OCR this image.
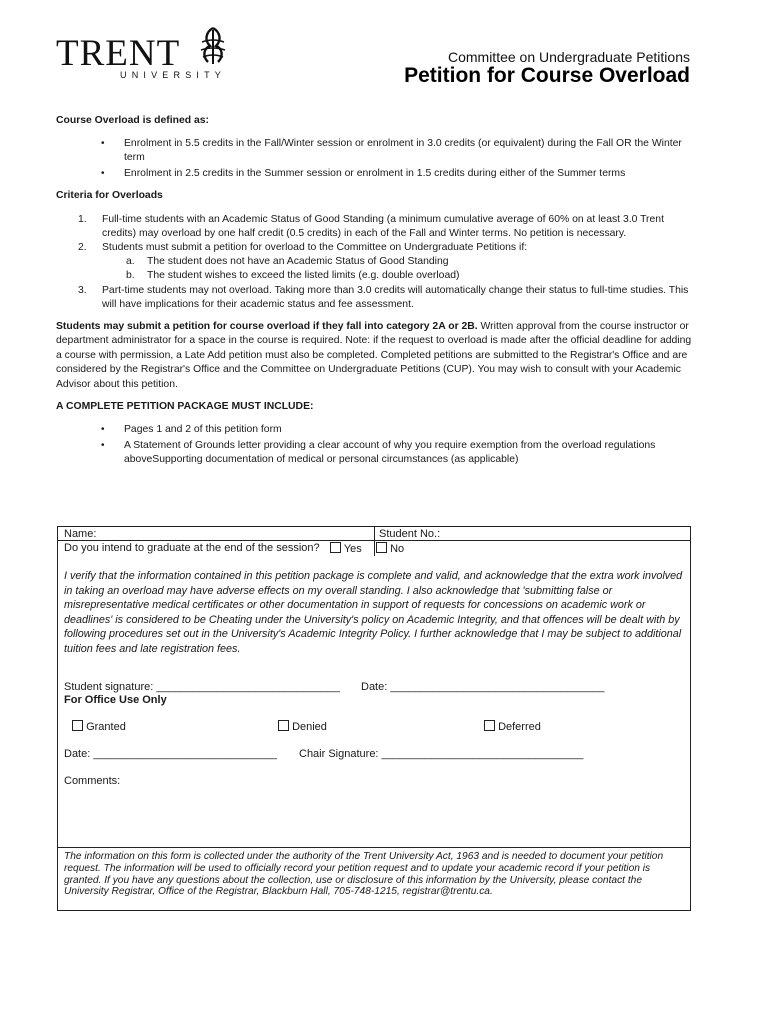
TRENT
UNIVERSITY
Committee on Undergraduate Petitions
Petition for Course Overload
Course Overload is defined as:
• Enrolment in 5.5 credits in the Fall/Winter session or enrolment in 3.0 credits (or equivalent) during the Fall OR the Winter term
• Enrolment in 2.5 credits in the Summer session or enrolment in 1.5 credits during either of the Summer terms
Criteria for Overloads
1. Full-time students with an Academic Status of Good Standing (a minimum cumulative average of 60% on at least 3.0 Trent credits) may overload by one half credit (0.5 credits) in each of the Fall and Winter terms. No petition is necessary.
2. Students must submit a petition for overload to the Committee on Undergraduate Petitions if:
a. The student does not have an Academic Status of Good Standing
b. The student wishes to exceed the listed limits (e.g. double overload)
3. Part-time students may not overload. Taking more than 3.0 credits will automatically change their status to full-time studies. This will have implications for their academic status and fee assessment.

Students may submit a petition for course overload if they fall into category 2A or 2B. Written approval from the course instructor or department administrator for a space in the course is required. Note: if the request to overload is made after the official deadline for adding a course with permission, a Late Add petition must also be completed. Completed petitions are submitted to the Registrar's Office and are considered by the Registrar's Office and the Committee on Undergraduate Petitions (CUP). You may wish to consult with your Academic Advisor about this petition.

A COMPLETE PETITION PACKAGE MUST INCLUDE:
• Pages 1 and 2 of this petition form
• A Statement of Grounds letter providing a clear account of why you require exemption from the overload regulations aboveSupporting documentation of medical or personal circumstances (as applicable)
Name:	Student No.:
Do you intend to graduate at the end of the session?	Yes	No
I verify that the information contained in this petition package is complete and valid, and acknowledge that the extra work involved in taking an overload may have adverse effects on my overall standing. I also acknowledge that 'submitting false or misrepresentative medical certificates or other documentation in support of requests for concessions on academic work or deadlines' is considered to be Cheating under the University's policy on Academic Integrity, and that offences will be dealt with by following procedures set out in the University's Academic Integrity Policy. I further acknowledge that I may be subject to additional tuition fees and late registration fees.
Student signature: ______________________________ Date: ___________________________________
For Office Use Only
Granted	Denied	Deferred
Date: ______________________________ Chair Signature: _________________________________
Comments:
The information on this form is collected under the authority of the Trent University Act, 1963 and is needed to document your petition request. The information will be used to officially record your petition request and to update your academic record if your petition is granted. If you have any questions about the collection, use or disclosure of this information by the University, please contact the University Registrar, Office of the Registrar, Blackburn Hall, 705-748-1215, registrar@trentu.ca.
